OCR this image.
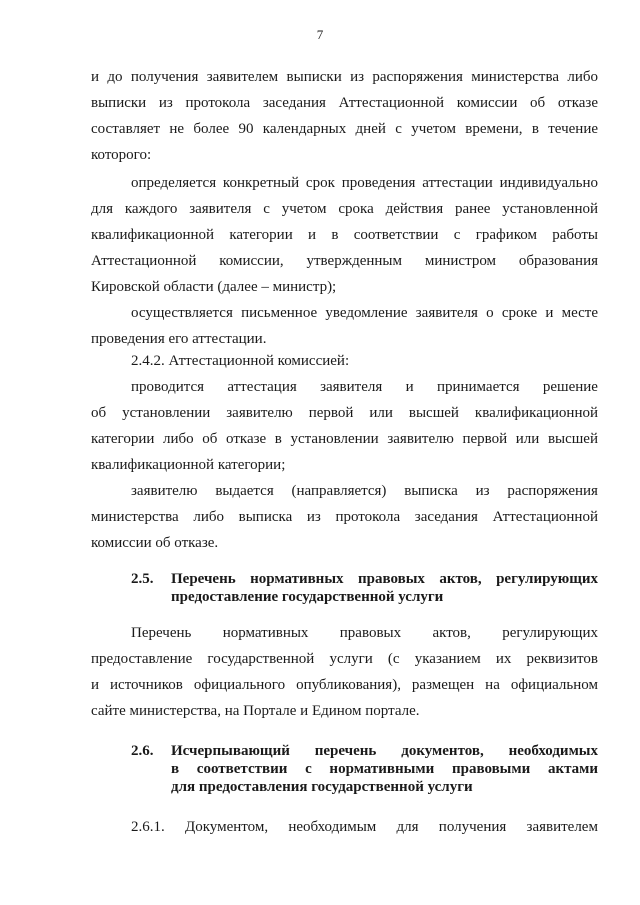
7
и до получения заявителем выписки из распоряжения министерства либо
выписки из протокола заседания Аттестационной комиссии об отказе
составляет не более 90 календарных дней с учетом времени, в течение
которого:
определяется конкретный срок проведения аттестации индивидуально
для каждого заявителя с учетом срока действия ранее установленной
квалификационной категории и в соответствии с графиком работы
Аттестационной комиссии, утвержденным министром образования
Кировской области (далее – министр);
осуществляется письменное уведомление заявителя о сроке и месте
проведения его аттестации.
2.4.2. Аттестационной комиссией:
проводится аттестация заявителя и принимается решение
об установлении заявителю первой или высшей квалификационной
категории либо об отказе в установлении заявителю первой или высшей
квалификационной категории;
заявителю выдается (направляется) выписка из распоряжения
министерства либо выписка из протокола заседания Аттестационной
комиссии об отказе.
2.5. Перечень нормативных правовых актов, регулирующих
предоставление государственной услуги
Перечень нормативных правовых актов, регулирующих
предоставление государственной услуги (с указанием их реквизитов
и источников официального опубликования), размещен на официальном
сайте министерства, на Портале и Едином портале.
2.6. Исчерпывающий перечень документов, необходимых
в соответствии с нормативными правовыми актами
для предоставления государственной услуги
2.6.1. Документом, необходимым для получения заявителем
